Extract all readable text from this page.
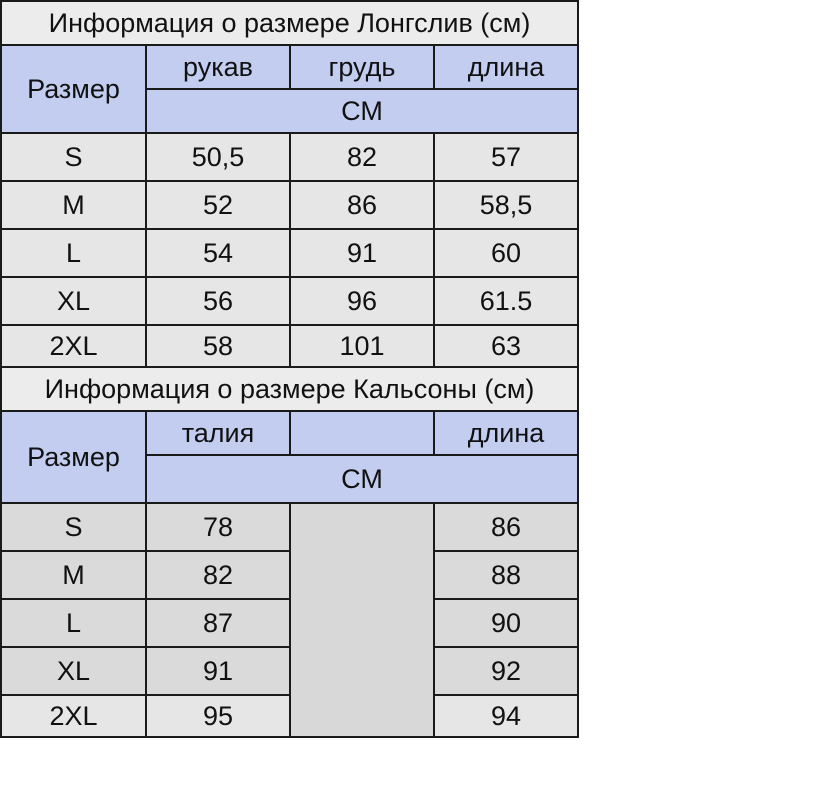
Информация о размере Лонгслив (см)			
Размер	рукав	грудь	длина
	СМ		
S	50,5	82	57
M	52	86	58,5
L	54	91	60
XL	56	96	61.5
2XL	58	101	63
Информация о размере Кальсоны (см)			
Размер	талия		длина
	СМ		
S	78		86
M	82		88
L	87		90
XL	91		92
2XL	95		94
